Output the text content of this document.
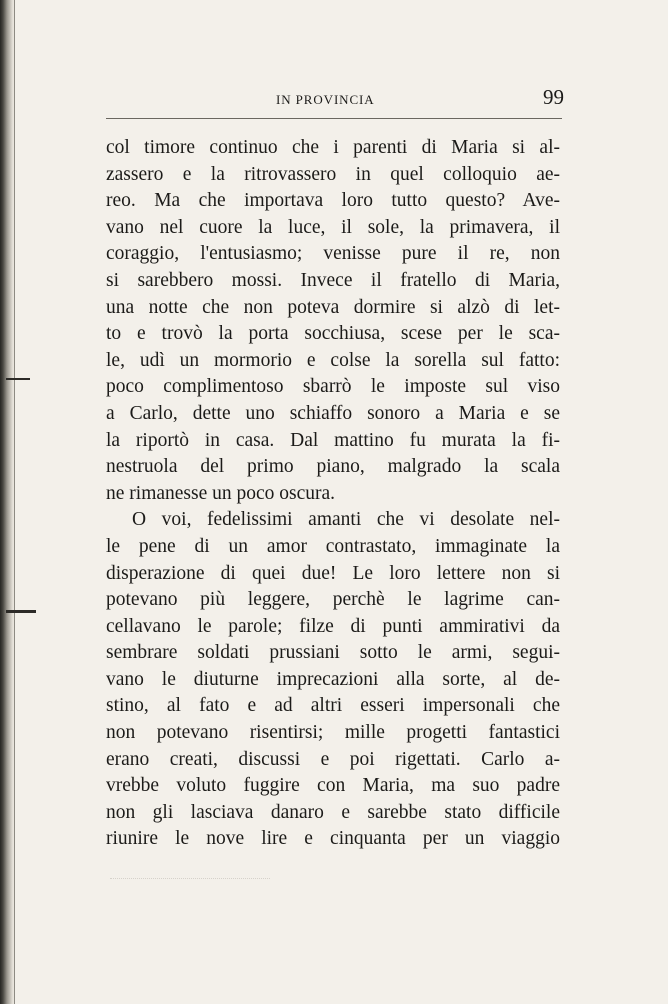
IN PROVINCIA	99
col timore continuo che i parenti di Maria si al-
zassero e la ritrovassero in quel colloquio ae-
reo. Ma che importava loro tutto questo? Ave-
vano nel cuore la luce, il sole, la primavera, il
coraggio, l'entusiasmo; venisse pure il re, non
si sarebbero mossi. Invece il fratello di Maria,
una notte che non poteva dormire si alzò di let-
to e trovò la porta socchiusa, scese per le sca-
le, udì un mormorio e colse la sorella sul fatto:
poco complimentoso sbarrò le imposte sul viso
a Carlo, dette uno schiaffo sonoro a Maria e se
la riportò in casa. Dal mattino fu murata la fi-
nestruola del primo piano, malgrado la scala
ne rimanesse un poco oscura.
O voi, fedelissimi amanti che vi desolate nel-
le pene di un amor contrastato, immaginate la
disperazione di quei due! Le loro lettere non si
potevano più leggere, perchè le lagrime can-
cellavano le parole; filze di punti ammirativi da
sembrare soldati prussiani sotto le armi, segui-
vano le diuturne imprecazioni alla sorte, al de-
stino, al fato e ad altri esseri impersonali che
non potevano risentirsi; mille progetti fantastici
erano creati, discussi e poi rigettati. Carlo a-
vrebbe voluto fuggire con Maria, ma suo padre
non gli lasciava danaro e sarebbe stato difficile
riunire le nove lire e cinquanta per un viaggio
